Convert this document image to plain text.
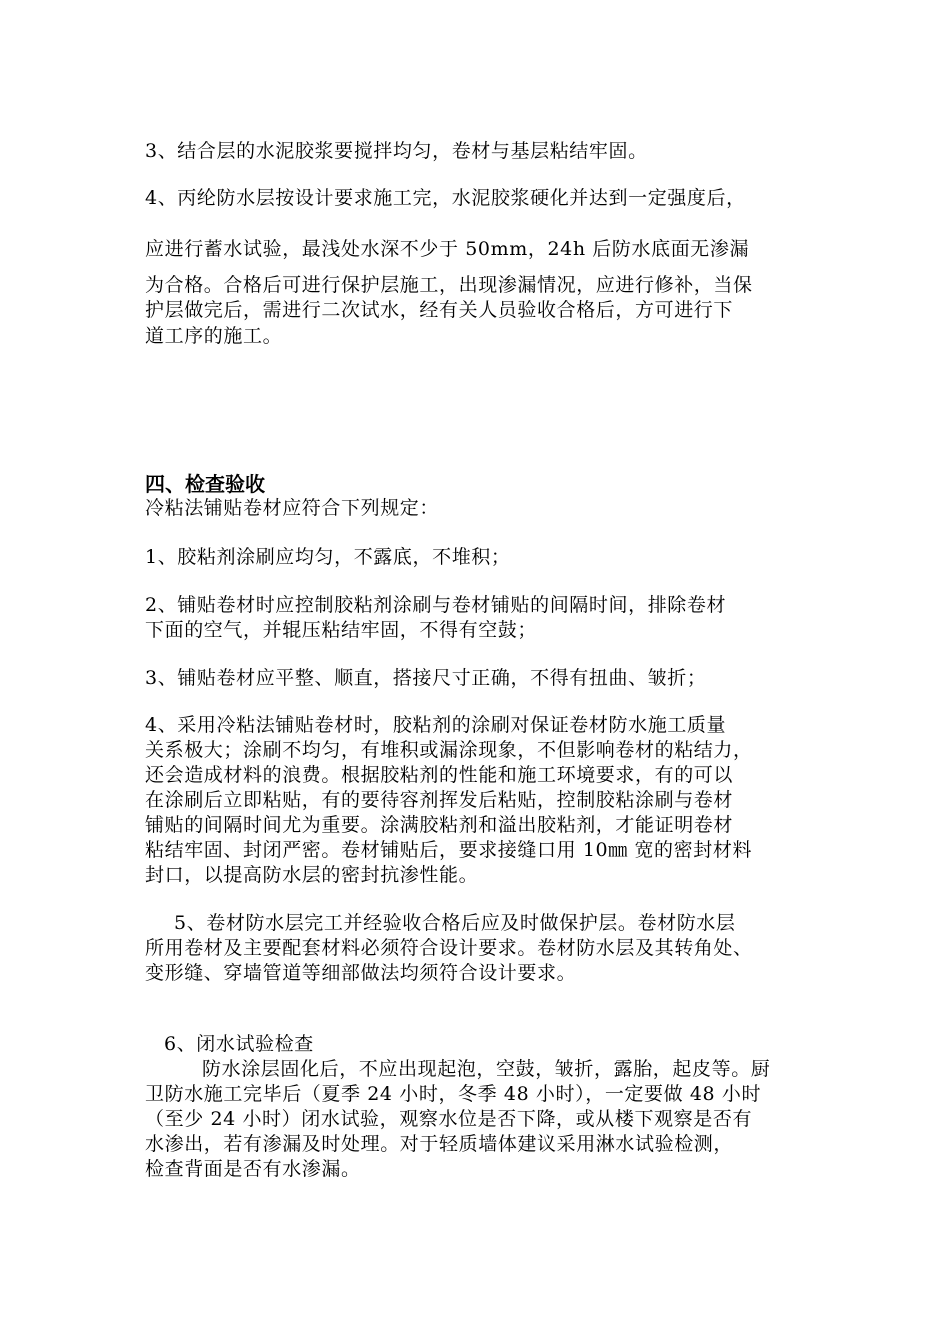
3、结合层的水泥胶浆要搅拌均匀，卷材与基层粘结牢固。
4、丙纶防水层按设计要求施工完，水泥胶浆硬化并达到一定强度后，
应进行蓄水试验，最浅处水深不少于 50mm，24h 后防水底面无渗漏
为合格。合格后可进行保护层施工，出现渗漏情况，应进行修补，当保
护层做完后，需进行二次试水，经有关人员验收合格后，方可进行下
道工序的施工。
四、检查验收
冷粘法铺贴卷材应符合下列规定：
1、胶粘剂涂刷应均匀，不露底，不堆积；
2、铺贴卷材时应控制胶粘剂涂刷与卷材铺贴的间隔时间，排除卷材
下面的空气，并辊压粘结牢固，不得有空鼓；
3、铺贴卷材应平整、顺直，搭接尺寸正确，不得有扭曲、皱折；
4、采用冷粘法铺贴卷材时，胶粘剂的涂刷对保证卷材防水施工质量
关系极大；涂刷不均匀，有堆积或漏涂现象，不但影响卷材的粘结力，
还会造成材料的浪费。根据胶粘剂的性能和施工环境要求，有的可以
在涂刷后立即粘贴，有的要待容剂挥发后粘贴，控制胶粘涂刷与卷材
铺贴的间隔时间尤为重要。涂满胶粘剂和溢出胶粘剂，才能证明卷材
粘结牢固、封闭严密。卷材铺贴后，要求接缝口用 10㎜ 宽的密封材料
封口，以提高防水层的密封抗渗性能。
5、卷材防水层完工并经验收合格后应及时做保护层。卷材防水层
所用卷材及主要配套材料必须符合设计要求。卷材防水层及其转角处、
变形缝、穿墙管道等细部做法均须符合设计要求。
6、闭水试验检查
防水涂层固化后，不应出现起泡，空鼓，皱折，露胎，起皮等。厨
卫防水施工完毕后（夏季 24 小时，冬季 48 小时），一定要做 48 小时
（至少 24 小时）闭水试验，观察水位是否下降，或从楼下观察是否有
水渗出，若有渗漏及时处理。对于轻质墙体建议采用淋水试验检测，
检查背面是否有水渗漏。
